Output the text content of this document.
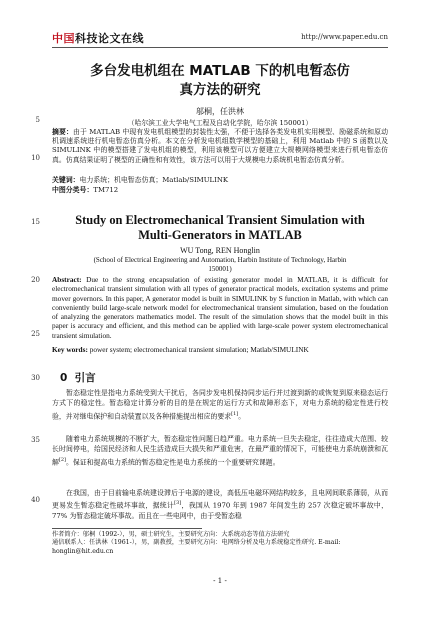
中国科技论文在线	http://www.paper.edu.cn
5
10
15
20
25
30
35
40
多台发电机组在 MATLAB 下的机电暂态仿
真方法的研究
邬桐，任洪林
（哈尔滨工业大学电气工程及自动化学院，哈尔滨 150001）
摘要：由于 MATLAB 中现有发电机组模型的封装性太强，不便于选择各类发电机实用模型、励磁系统和原动机调速系统进行机电暂态仿真分析。本文在分析发电机组数学模型的基础上，利用 Matlab 中的 S 函数以及 SIMULINK 中的模型搭建了发电机组的模型，利用该模型可以方便建立大规模网络模型来进行机电暂态仿真。仿真结果证明了模型的正确性和有效性，该方法可以用于大规模电力系统机电暂态仿真分析。
关键词：电力系统；机电暂态仿真；Matlab/SIMULINK
中图分类号：TM712
Study on Electromechanical Transient Simulation with
Multi-Generators in MATLAB
WU Tong, REN Honglin
(School of Electrical Engineering and Automation, Harbin Institute of Technology, Harbin
150001)
Abstract: Due to the strong encapsulation of existing generator model in MATLAB, it is difficult for electromechanical transient simulation with all types of generator practical models, excitation systems and prime mover governors. In this paper, A generator model is built in SIMULINK by S function in Matlab, with which can conveniently build large-scale network model for electromechanical transient simulation, based on the foudation of analyzing the generators mathematics model. The result of the simulation shows that the model built in this paper is accuracy and efficient, and this method can be applied with large-scale power system electromechanical transient simulation.
Key words: power system; electromechanical transient simulation; Matlab/SIMULINK
0 引言
暂态稳定性是指电力系统受到大干扰后，各同步发电机保持同步运行并过渡到新的或恢复到原来稳态运行方式下的稳定性。暂态稳定计算分析的目的是在规定的运行方式和故障形态下，对电力系统的稳定性进行校验，并对继电保护和自动装置以及各种措施提出相应的要求[1]。
随着电力系统规模的不断扩大，暂态稳定性问题日趋严重。电力系统一旦失去稳定，往往造成大范围、较长时间停电，给国民经济和人民生活造成巨大损失和严重危害，在最严重的情况下，可能使电力系统崩溃和瓦解[2]。保证和提高电力系统的暂态稳定性是电力系统的一个重要研究课题。
在我国，由于目前输电系统建设滞后于电源的建设，高低压电磁环网结构较多，且电网间联系薄弱，从而更易发生暂态稳定性破坏事故，据统计[3]，我国从 1970 年到 1987 年间发生的 257 次稳定破坏事故中，77% 为暂态稳定破坏事故。而且在一些电网中，由于受暂态稳
作者简介：邬桐（1992-），男，硕士研究生，主要研究方向：大系统动态等值方法研究
通信联系人：任洪林（1961-），男，副教授，主要研究方向：电网络分析及电力系统稳定性研究. E-mail:
honglin@hit.edu.cn
- 1 -
